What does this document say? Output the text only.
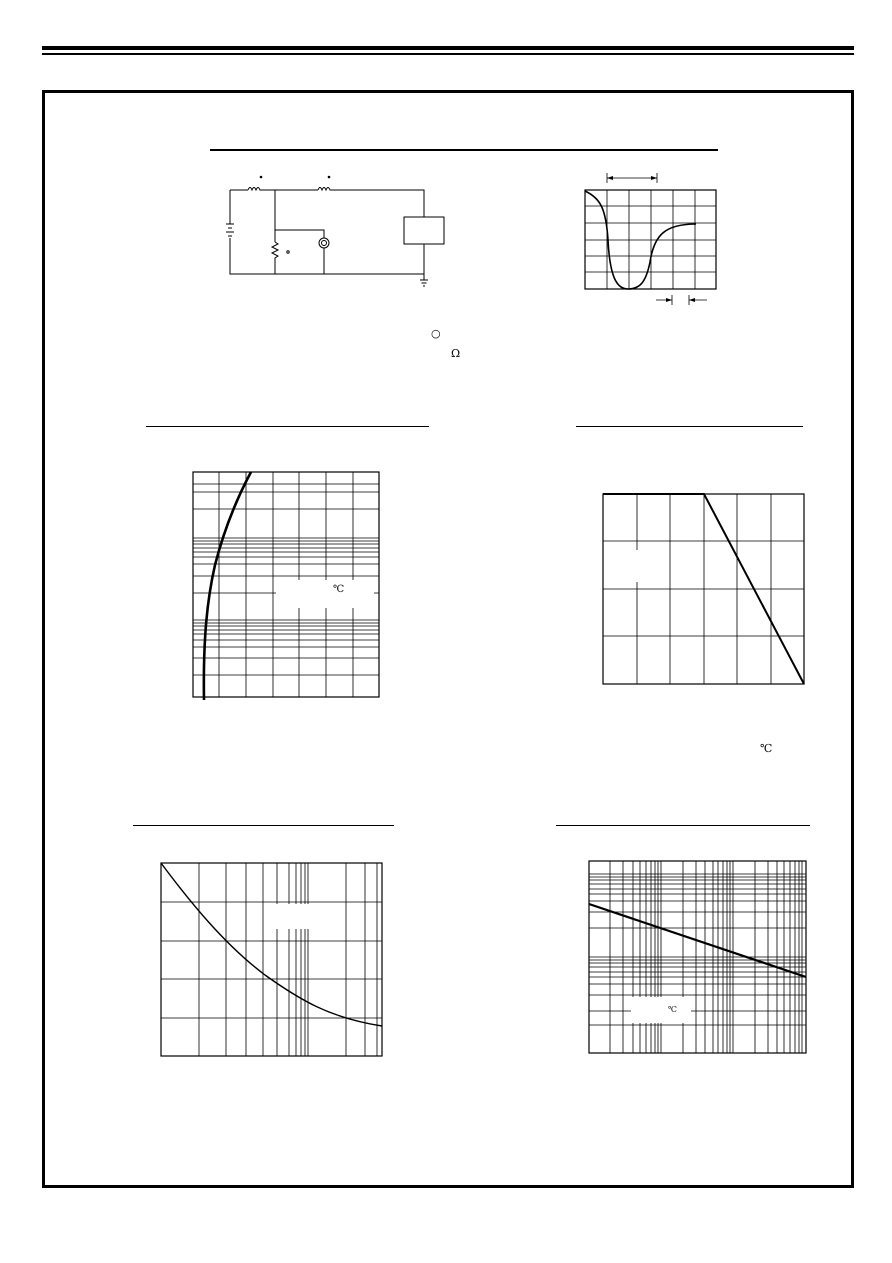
○
Ω
℃
℃
℃
